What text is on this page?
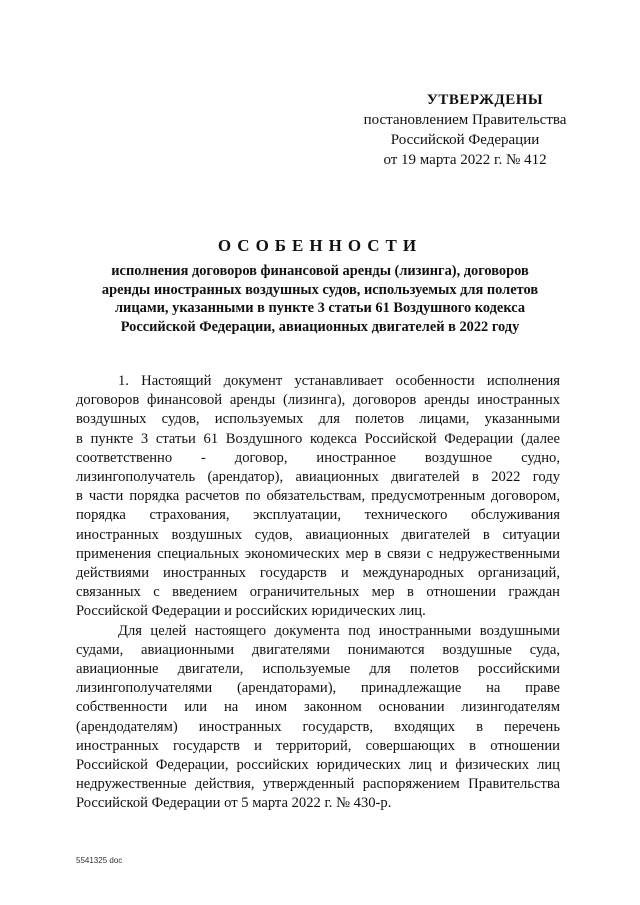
УТВЕРЖДЕНЫ
постановлением Правительства
Российской Федерации
от 19 марта 2022 г. № 412
ОСОБЕННОСТИ
исполнения договоров финансовой аренды (лизинга), договоров
аренды иностранных воздушных судов, используемых для полетов
лицами, указанными в пункте 3 статьи 61 Воздушного кодекса
Российской Федерации, авиационных двигателей в 2022 году
1. Настоящий документ устанавливает особенности исполнения
договоров финансовой аренды (лизинга), договоров аренды иностранных
воздушных судов, используемых для полетов лицами, указанными
в пункте 3 статьи 61 Воздушного кодекса Российской Федерации (далее
соответственно - договор, иностранное воздушное судно,
лизингополучатель (арендатор), авиационных двигателей в 2022 году
в части порядка расчетов по обязательствам, предусмотренным договором,
порядка страхования, эксплуатации, технического обслуживания
иностранных воздушных судов, авиационных двигателей в ситуации
применения специальных экономических мер в связи с недружественными
действиями иностранных государств и международных организаций,
связанных с введением ограничительных мер в отношении граждан
Российской Федерации и российских юридических лиц.
Для целей настоящего документа под иностранными воздушными
судами, авиационными двигателями понимаются воздушные суда,
авиационные двигатели, используемые для полетов российскими
лизингополучателями (арендаторами), принадлежащие на праве
собственности или на ином законном основании лизингодателям
(арендодателям) иностранных государств, входящих в перечень
иностранных государств и территорий, совершающих в отношении
Российской Федерации, российских юридических лиц и физических лиц
недружественные действия, утвержденный распоряжением Правительства
Российской Федерации от 5 марта 2022 г. № 430-р.
5541325 doc
